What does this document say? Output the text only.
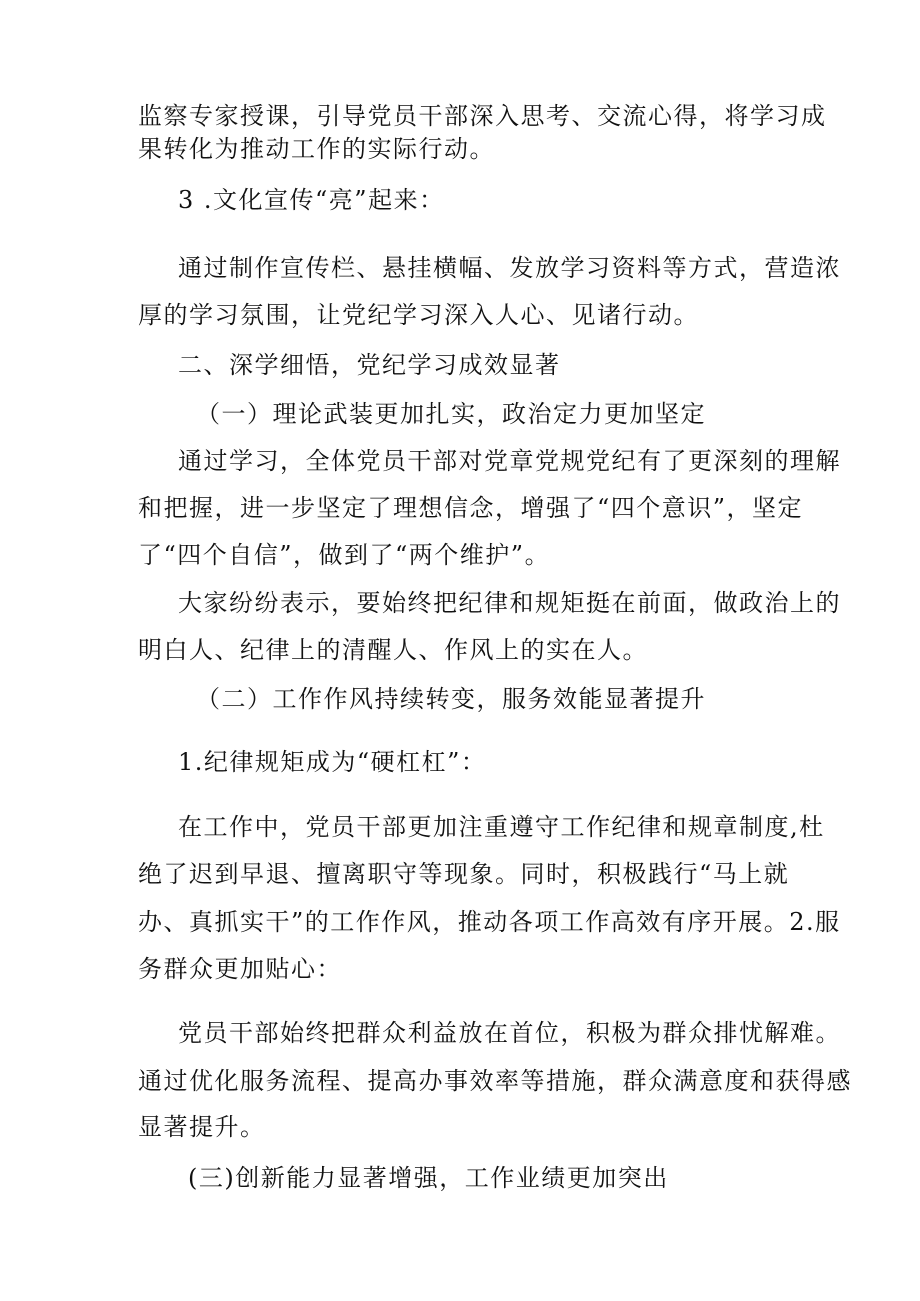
监察专家授课，引导党员干部深入思考、交流心得，将学习成
果转化为推动工作的实际行动。
3 .文化宣传“亮”起来：
通过制作宣传栏、悬挂横幅、发放学习资料等方式，营造浓
厚的学习氛围，让党纪学习深入人心、见诸行动。
二、深学细悟，党纪学习成效显著
（一）理论武装更加扎实，政治定力更加坚定
通过学习，全体党员干部对党章党规党纪有了更深刻的理解
和把握，进一步坚定了理想信念，增强了“四个意识”，坚定
了“四个自信”，做到了“两个维护”。
大家纷纷表示，要始终把纪律和规矩挺在前面，做政治上的
明白人、纪律上的清醒人、作风上的实在人。
（二）工作作风持续转变，服务效能显著提升
1.纪律规矩成为“硬杠杠”：
在工作中，党员干部更加注重遵守工作纪律和规章制度,杜
绝了迟到早退、擅离职守等现象。同时，积极践行“马上就
办、真抓实干”的工作作风，推动各项工作高效有序开展。2.服
务群众更加贴心：
党员干部始终把群众利益放在首位，积极为群众排忧解难。
通过优化服务流程、提高办事效率等措施，群众满意度和获得感
显著提升。
(三)创新能力显著增强，工作业绩更加突出
